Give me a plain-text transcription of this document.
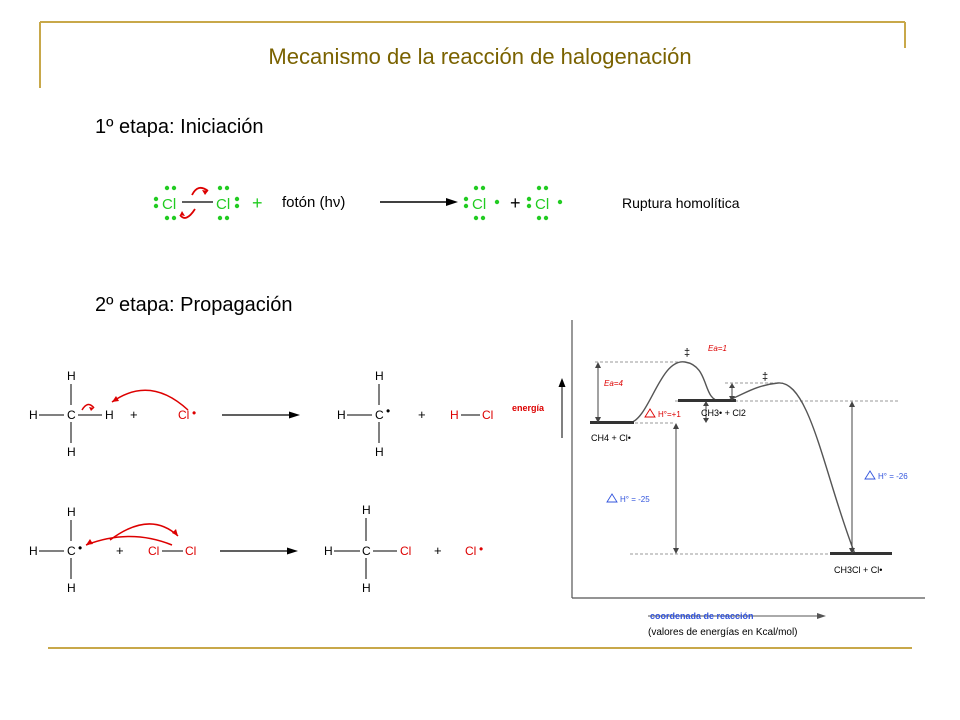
Mecanismo de la reacción de halogenación
1º etapa: Iniciación
2º etapa: Propagación
Cl	Cl + fotón (hν)	Cl + Cl	Ruptura homolítica
H
H C H
H
+	Cl •
H
H C •
H
+ H Cl
H
H C •
H
+ Cl Cl
H
H C Cl
H
+ Cl •
energía
coordenada de reacción
(valores de energías en Kcal/mol)
‡
‡
Ea=4
Ea=1
H°=+1
H° = -25
H° = -26
CH4 + Cl•
CH3• + Cl2
CH3Cl + Cl•
